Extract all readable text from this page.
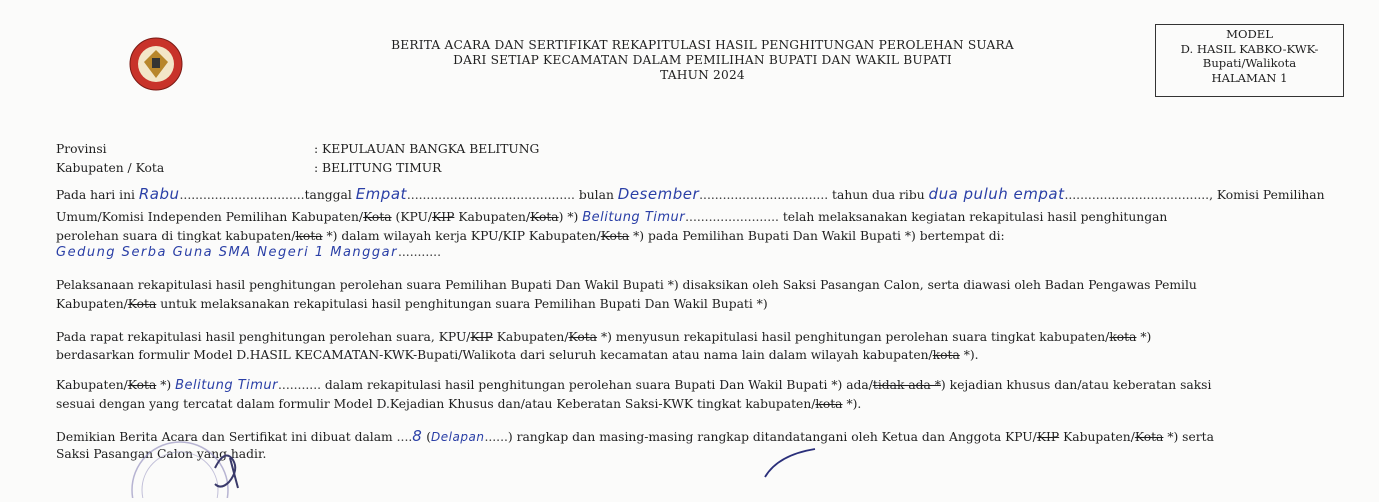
BERITA ACARA DAN SERTIFIKAT REKAPITULASI HASIL PENGHITUNGAN PEROLEHAN SUARA
DARI SETIAP KECAMATAN DALAM PEMILIHAN BUPATI DAN WAKIL BUPATI
TAHUN 2024
MODEL
D. HASIL KABKO-KWK-
Bupati/Walikota
HALAMAN 1
Provinsi	: KEPULAUAN BANGKA BELITUNG
Kabupaten / Kota	: BELITUNG TIMUR
Pada hari ini Rabu................................tanggal Empat........................................... bulan Desember................................. tahun dua ribu dua puluh empat....................................., Komisi Pemilihan
Umum/Komisi Independen Pemilihan Kabupaten/Kota (KPU/KIP Kabupaten/Kota) *) Belitung Timur........................ telah melaksanakan kegiatan rekapitulasi hasil penghitungan
perolehan suara di tingkat kabupaten/kota *) dalam wilayah kerja KPU/KIP Kabupaten/Kota *) pada Pemilihan Bupati Dan Wakil Bupati *) bertempat di:
Gedung Serba Guna SMA Negeri 1 Manggar...........
Pelaksanaan rekapitulasi hasil penghitungan perolehan suara Pemilihan Bupati Dan Wakil Bupati *) disaksikan oleh Saksi Pasangan Calon, serta diawasi oleh Badan Pengawas Pemilu
Kabupaten/Kota untuk melaksanakan rekapitulasi hasil penghitungan suara Pemilihan Bupati Dan Wakil Bupati *)
Pada rapat rekapitulasi hasil penghitungan perolehan suara, KPU/KIP Kabupaten/Kota *) menyusun rekapitulasi hasil penghitungan perolehan suara tingkat kabupaten/kota *)
berdasarkan formulir Model D.HASIL KECAMATAN-KWK-Bupati/Walikota dari seluruh kecamatan atau nama lain dalam wilayah kabupaten/kota *).
Kabupaten/Kota *) Belitung Timur........... dalam rekapitulasi hasil penghitungan perolehan suara Bupati Dan Wakil Bupati *) ada/tidak ada *) kejadian khusus dan/atau keberatan saksi
sesuai dengan yang tercatat dalam formulir Model D.Kejadian Khusus dan/atau Keberatan Saksi-KWK tingkat kabupaten/kota *).
Demikian Berita Acara dan Sertifikat ini dibuat dalam ....8 (Delapan......) rangkap dan masing-masing rangkap ditandatangani oleh Ketua dan Anggota KPU/KIP Kabupaten/Kota *) serta
Saksi Pasangan Calon yang hadir.
